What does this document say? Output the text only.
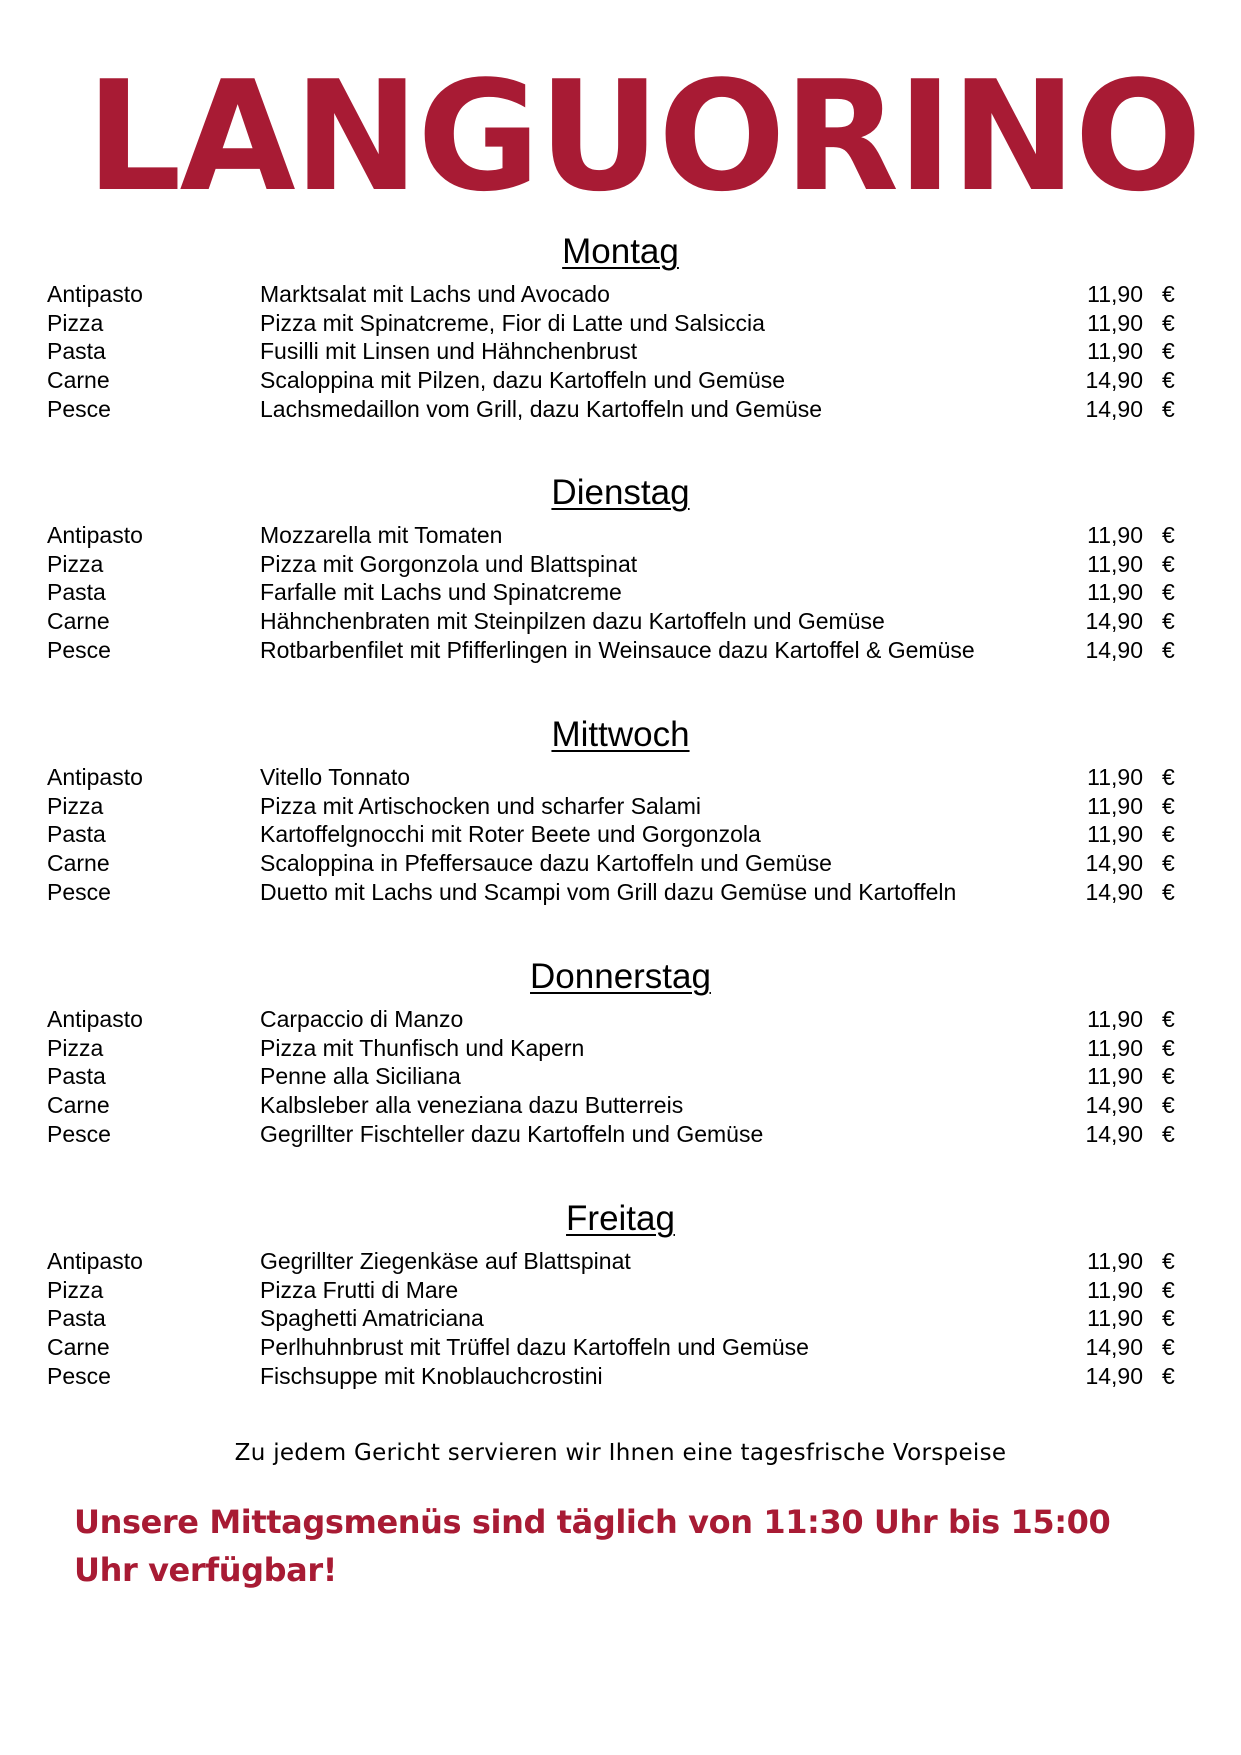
LANGUORINO
Montag
Antipasto	Marktsalat mit Lachs und Avocado	11,90 €
Pizza	Pizza mit Spinatcreme, Fior di Latte und Salsiccia	11,90 €
Pasta	Fusilli mit Linsen und Hähnchenbrust	11,90 €
Carne	Scaloppina mit Pilzen, dazu Kartoffeln und Gemüse	14,90 €
Pesce	Lachsmedaillon vom Grill, dazu Kartoffeln und Gemüse	14,90 €
Dienstag
Antipasto	Mozzarella mit Tomaten	11,90 €
Pizza	Pizza mit Gorgonzola und Blattspinat	11,90 €
Pasta	Farfalle mit Lachs und Spinatcreme	11,90 €
Carne	Hähnchenbraten mit Steinpilzen dazu Kartoffeln und Gemüse	14,90 €
Pesce	Rotbarbenfilet mit Pfifferlingen in Weinsauce dazu Kartoffel & Gemüse	14,90 €
Mittwoch
Antipasto	Vitello Tonnato	11,90 €
Pizza	Pizza mit Artischocken und scharfer Salami	11,90 €
Pasta	Kartoffelgnocchi mit Roter Beete und Gorgonzola	11,90 €
Carne	Scaloppina in Pfeffersauce dazu Kartoffeln und Gemüse	14,90 €
Pesce	Duetto mit Lachs und Scampi vom Grill dazu Gemüse und Kartoffeln	14,90 €
Donnerstag
Antipasto	Carpaccio di Manzo	11,90 €
Pizza	Pizza mit Thunfisch und Kapern	11,90 €
Pasta	Penne alla Siciliana	11,90 €
Carne	Kalbsleber alla veneziana dazu Butterreis	14,90 €
Pesce	Gegrillter Fischteller dazu Kartoffeln und Gemüse	14,90 €
Freitag
Antipasto	Gegrillter Ziegenkäse auf Blattspinat	11,90 €
Pizza	Pizza Frutti di Mare	11,90 €
Pasta	Spaghetti Amatriciana	11,90 €
Carne	Perlhuhnbrust mit Trüffel dazu Kartoffeln und Gemüse	14,90 €
Pesce	Fischsuppe mit Knoblauchcrostini	14,90 €
Zu jedem Gericht servieren wir Ihnen eine tagesfrische Vorspeise
Unsere Mittagsmenüs sind täglich von 11:30 Uhr bis 15:00 Uhr verfügbar!
